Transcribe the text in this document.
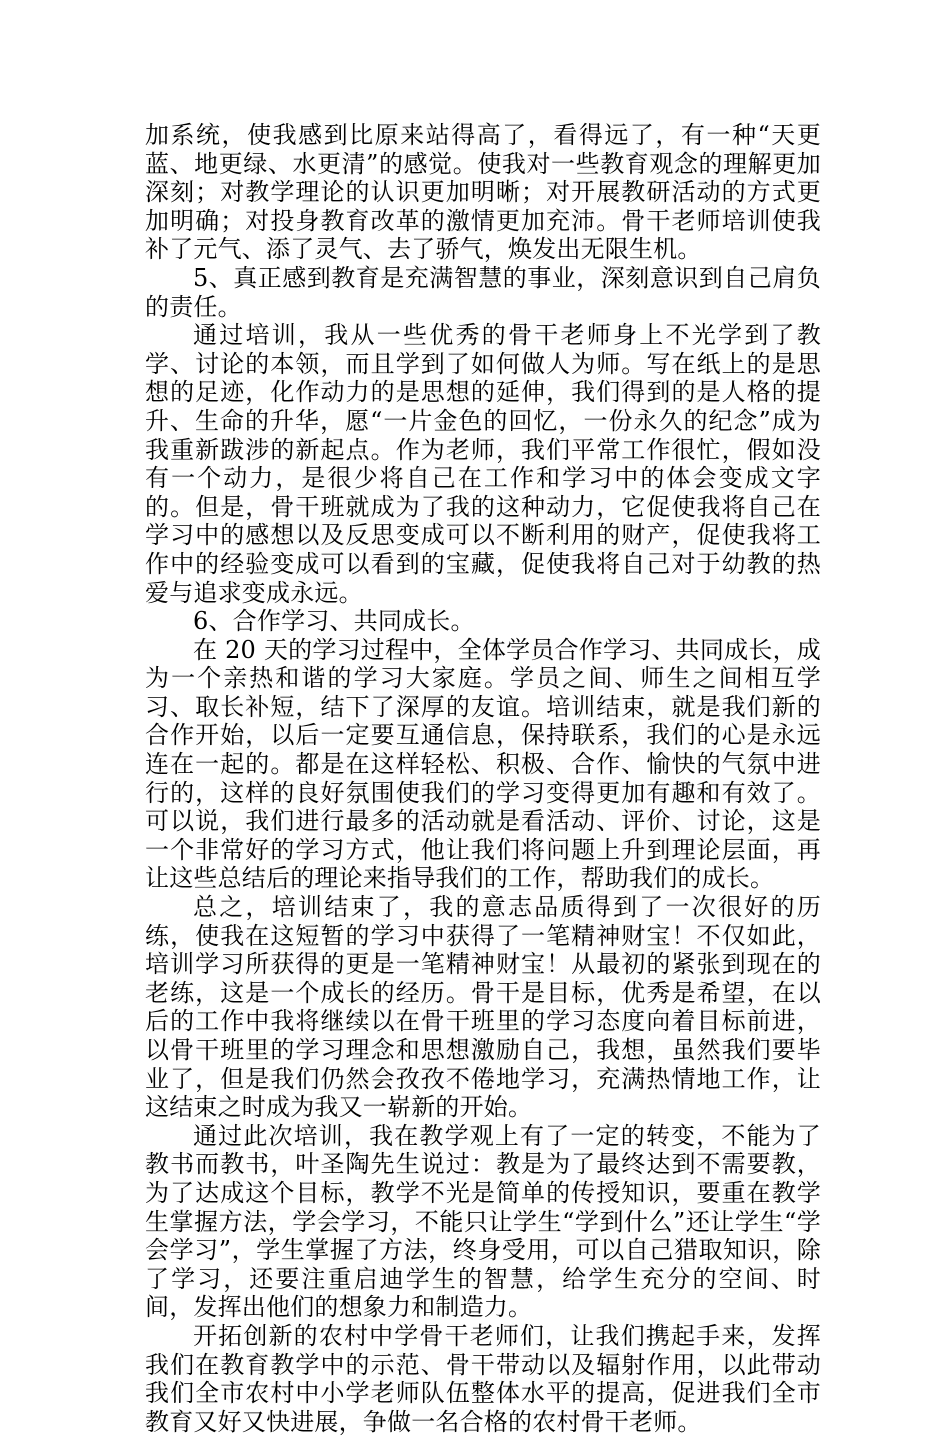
加系统，使我感到比原来站得高了，看得远了，有一种“天更蓝、地更绿、水更清”的感觉。使我对一些教育观念的理解更加深刻；对教学理论的认识更加明晰；对开展教研活动的方式更加明确；对投身教育改革的激情更加充沛。骨干老师培训使我补了元气、添了灵气、去了骄气，焕发出无限生机。

5、真正感到教育是充满智慧的事业，深刻意识到自己肩负的责任。

通过培训，我从一些优秀的骨干老师身上不光学到了教学、讨论的本领，而且学到了如何做人为师。写在纸上的是思想的足迹，化作动力的是思想的延伸，我们得到的是人格的提升、生命的升华，愿“一片金色的回忆，一份永久的纪念”成为我重新跋涉的新起点。作为老师，我们平常工作很忙，假如没有一个动力，是很少将自己在工作和学习中的体会变成文字的。但是，骨干班就成为了我的这种动力，它促使我将自己在学习中的感想以及反思变成可以不断利用的财产，促使我将工作中的经验变成可以看到的宝藏，促使我将自己对于幼教的热爱与追求变成永远。

6、合作学习、共同成长。

在 20 天的学习过程中，全体学员合作学习、共同成长，成为一个亲热和谐的学习大家庭。学员之间、师生之间相互学习、取长补短，结下了深厚的友谊。培训结束，就是我们新的合作开始，以后一定要互通信息，保持联系，我们的心是永远连在一起的。都是在这样轻松、积极、合作、愉快的气氛中进行的，这样的良好氛围使我们的学习变得更加有趣和有效了。可以说，我们进行最多的活动就是看活动、评价、讨论，这是一个非常好的学习方式，他让我们将问题上升到理论层面，再让这些总结后的理论来指导我们的工作，帮助我们的成长。

总之，培训结束了，我的意志品质得到了一次很好的历练，使我在这短暂的学习中获得了一笔精神财宝！不仅如此，培训学习所获得的更是一笔精神财宝！从最初的紧张到现在的老练，这是一个成长的经历。骨干是目标，优秀是希望，在以后的工作中我将继续以在骨干班里的学习态度向着目标前进，以骨干班里的学习理念和思想激励自己，我想，虽然我们要毕业了，但是我们仍然会孜孜不倦地学习，充满热情地工作，让这结束之时成为我又一崭新的开始。

通过此次培训，我在教学观上有了一定的转变，不能为了教书而教书，叶圣陶先生说过：教是为了最终达到不需要教，为了达成这个目标，教学不光是简单的传授知识，要重在教学生掌握方法，学会学习，不能只让学生“学到什么”还让学生“学会学习”，学生掌握了方法，终身受用，可以自己猎取知识，除了学习，还要注重启迪学生的智慧，给学生充分的空间、时间，发挥出他们的想象力和制造力。

开拓创新的农村中学骨干老师们，让我们携起手来，发挥我们在教育教学中的示范、骨干带动以及辐射作用，以此带动我们全市农村中小学老师队伍整体水平的提高，促进我们全市教育又好又快进展，争做一名合格的农村骨干老师。
